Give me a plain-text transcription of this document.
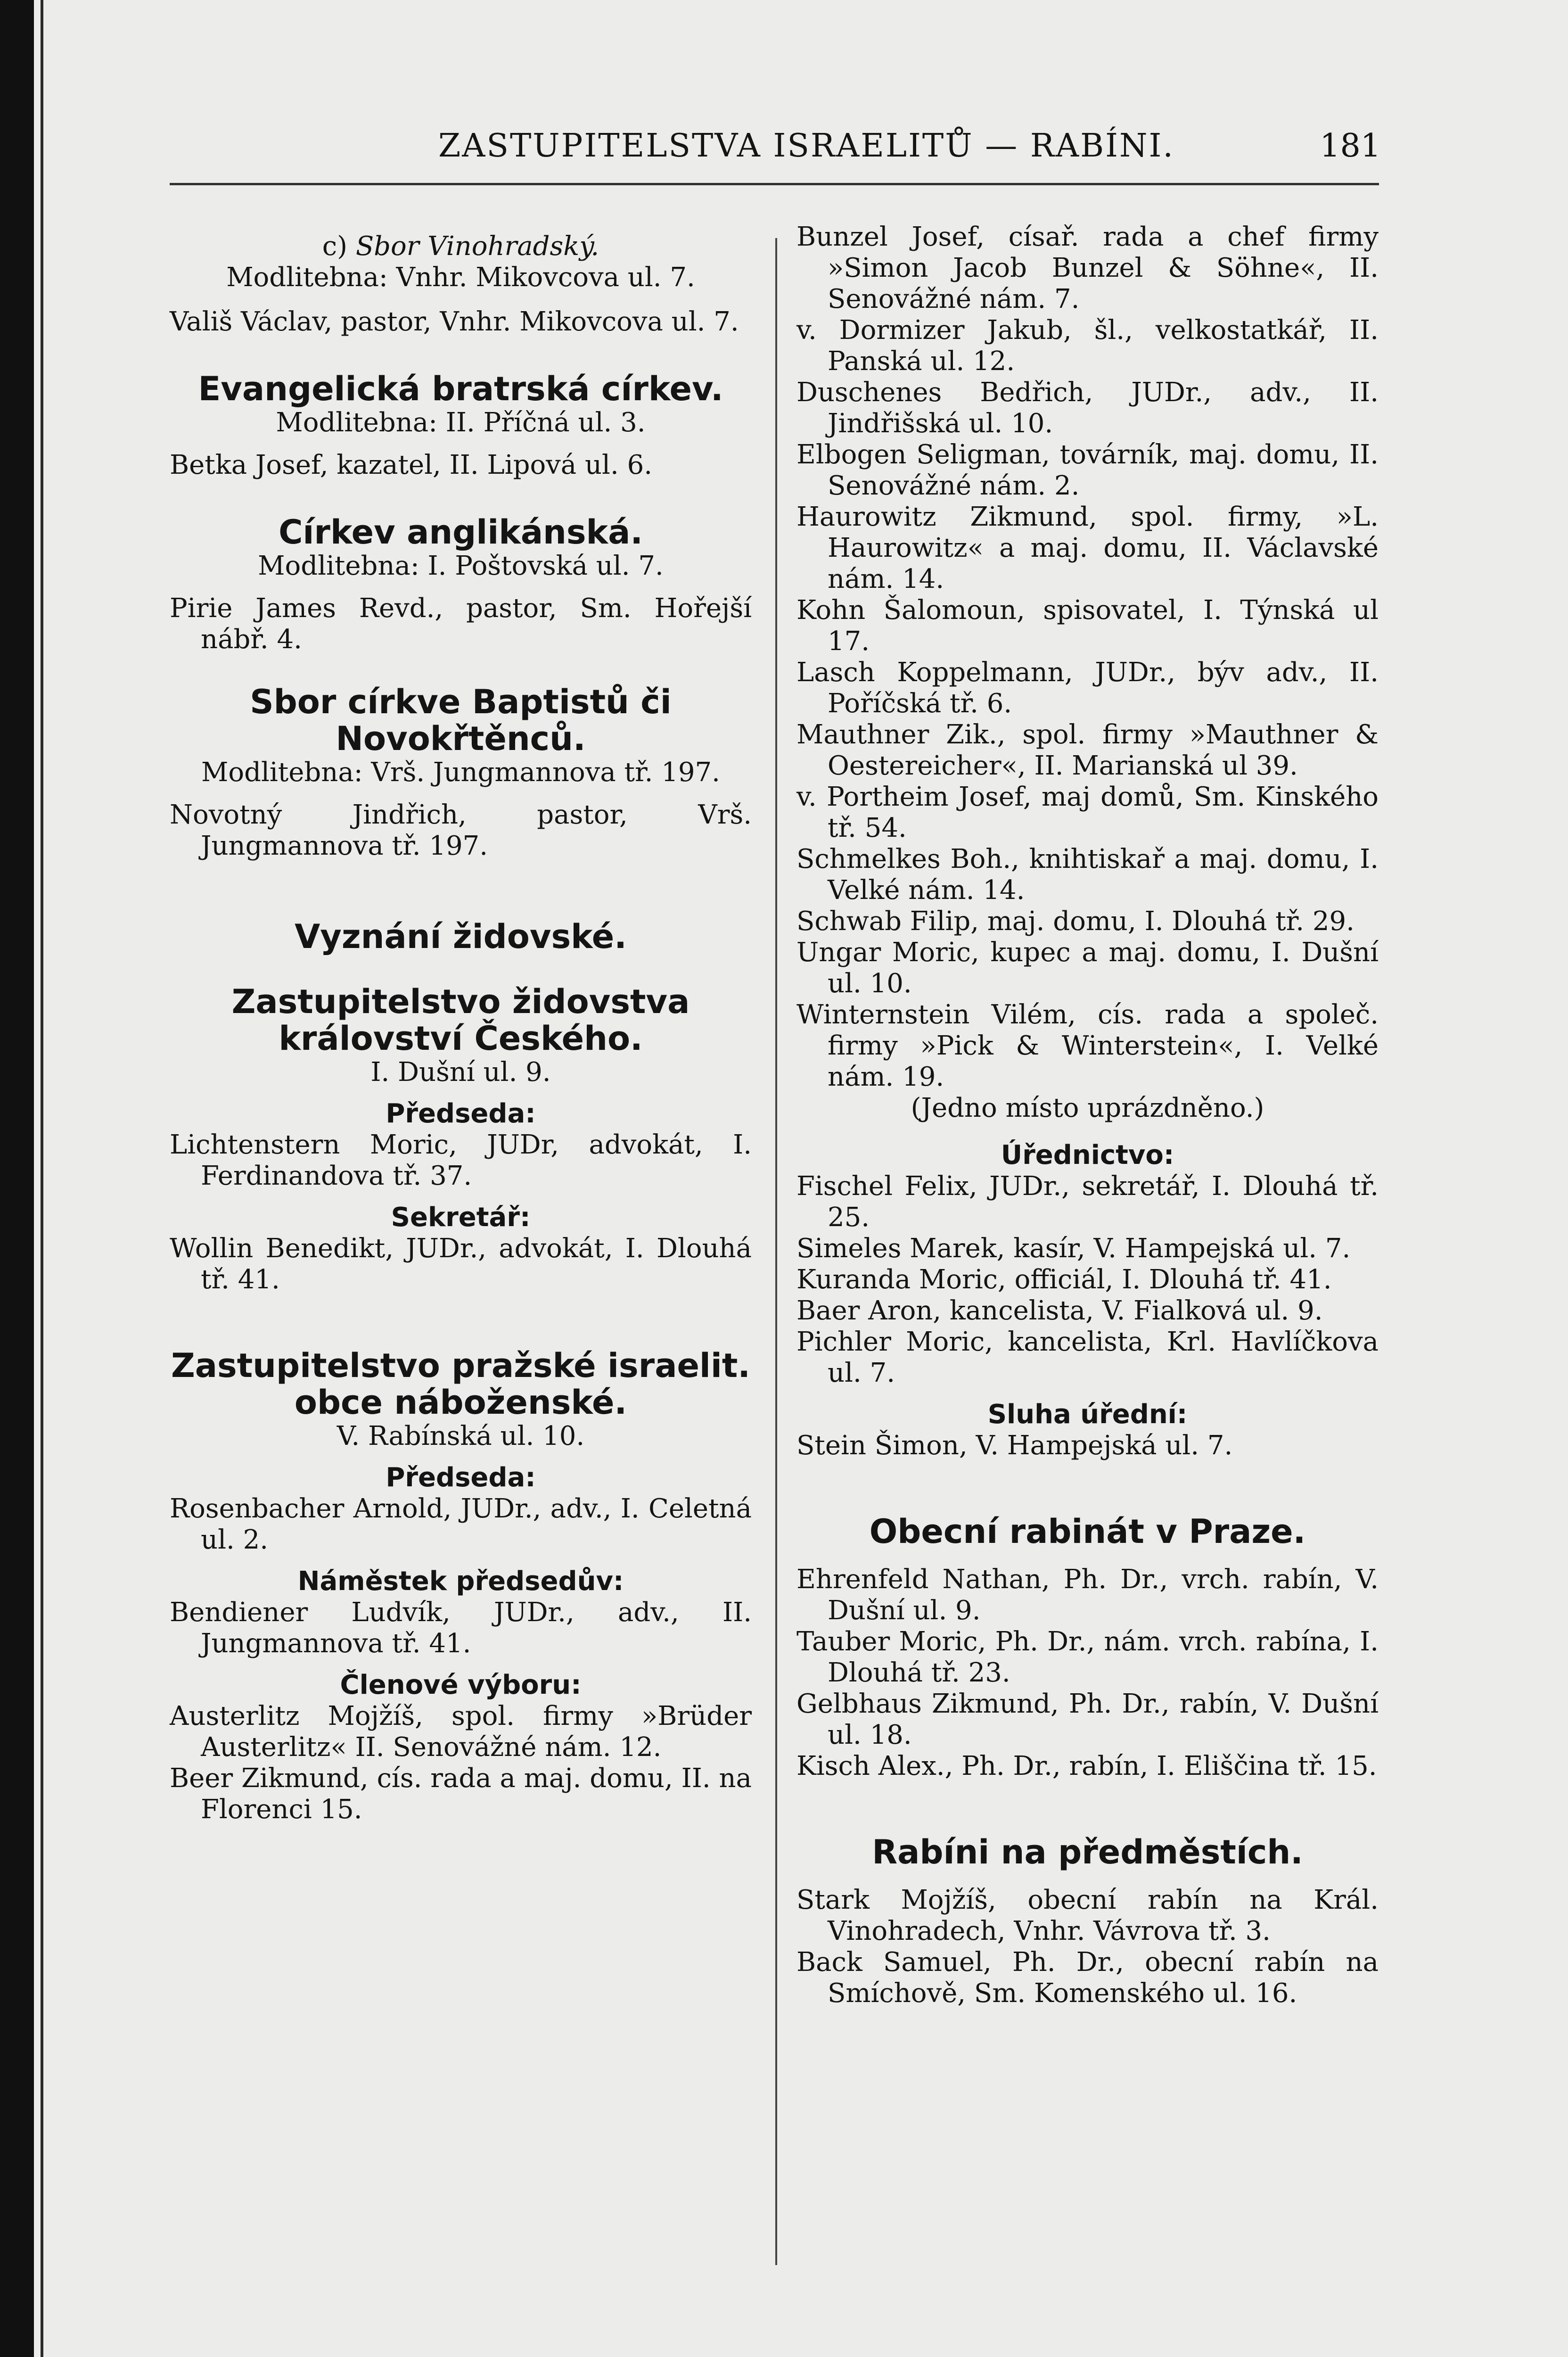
ZASTUPITELSTVA ISRAELITŮ — RABÍNI.	181

c) Sbor Vinohradský.

Modlitebna: Vnhr. Mikovcova ul. 7.

Vališ Václav, pastor, Vnhr. Mikovcova ul. 7.

Evangelická bratrská církev.

Modlitebna: II. Příčná ul. 3.

Betka Josef, kazatel, II. Lipová ul. 6.

Církev anglikánská.

Modlitebna: I. Poštovská ul. 7.

Pirie James Revd., pastor, Sm. Hořejší nábř. 4.

Sbor církve Baptistů či Novokřtěnců.

Modlitebna: Vrš. Jungmannova tř. 197.

Novotný Jindřich, pastor, Vrš. Jungmannova tř. 197.

Vyznání židovské.

Zastupitelstvo židovstva království Českého.

I. Dušní ul. 9.

Předseda:

Lichtenstern Moric, JUDr, advokát, I. Ferdinandova tř. 37.

Sekretář:

Wollin Benedikt, JUDr., advokát, I. Dlouhá tř. 41.

Zastupitelstvo pražské israelit. obce náboženské.

V. Rabínská ul. 10.

Předseda:

Rosenbacher Arnold, JUDr., adv., I. Celetná ul. 2.

Náměstek předsedův:

Bendiener Ludvík, JUDr., adv., II. Jungmannova tř. 41.

Členové výboru:

Austerlitz Mojžíš, spol. firmy »Brüder Austerlitz« II. Senovážné nám. 12.

Beer Zikmund, cís. rada a maj. domu, II. na Florenci 15.

Bunzel Josef, císař. rada a chef firmy »Simon Jacob Bunzel & Söhne«, II. Senovážné nám. 7.

v. Dormizer Jakub, šl., velkostatkář, II. Panská ul. 12.

Duschenes Bedřich, JUDr., adv., II. Jindřišská ul. 10.

Elbogen Seligman, továrník, maj. domu, II. Senovážné nám. 2.

Haurowitz Zikmund, spol. firmy, »L. Haurowitz« a maj. domu, II. Václavské nám. 14.

Kohn Šalomoun, spisovatel, I. Týnská ul 17.

Lasch Koppelmann, JUDr., býv adv., II. Poříčská tř. 6.

Mauthner Zik., spol. firmy »Mauthner & Oestereicher«, II. Marianská ul 39.

v. Portheim Josef, maj domů, Sm. Kinského tř. 54.

Schmelkes Boh., knihtiskař a maj. domu, I. Velké nám. 14.

Schwab Filip, maj. domu, I. Dlouhá tř. 29.

Ungar Moric, kupec a maj. domu, I. Dušní ul. 10.

Winternstein Vilém, cís. rada a společ. firmy »Pick & Winterstein«, I. Velké nám. 19.

(Jedno místo uprázdněno.)

Úřednictvo:

Fischel Felix, JUDr., sekretář, I. Dlouhá tř. 25.

Simeles Marek, kasír, V. Hampejská ul. 7.

Kuranda Moric, officiál, I. Dlouhá tř. 41.

Baer Aron, kancelista, V. Fialková ul. 9.

Pichler Moric, kancelista, Krl. Havlíčkova ul. 7.

Sluha úřední:

Stein Šimon, V. Hampejská ul. 7.

Obecní rabinát v Praze.

Ehrenfeld Nathan, Ph. Dr., vrch. rabín, V. Dušní ul. 9.

Tauber Moric, Ph. Dr., nám. vrch. rabína, I. Dlouhá tř. 23.

Gelbhaus Zikmund, Ph. Dr., rabín, V. Dušní ul. 18.

Kisch Alex., Ph. Dr., rabín, I. Eliščina tř. 15.

Rabíni na předměstích.

Stark Mojžíš, obecní rabín na Král. Vinohradech, Vnhr. Vávrova tř. 3.

Back Samuel, Ph. Dr., obecní rabín na Smíchově, Sm. Komenského ul. 16.
